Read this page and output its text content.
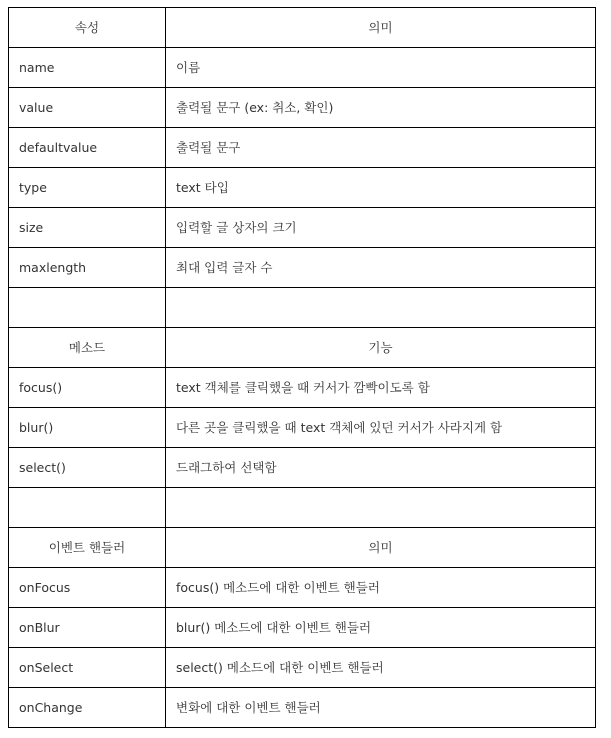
속성	의미
name	이름
value	출력될 문구 (ex: 취소, 확인)
defaultvalue	출력될 문구
type	text 타입
size	입력할 글 상자의 크기
maxlength	최대 입력 글자 수

메소드	기능
focus()	text 객체를 클릭했을 때 커서가 깜빡이도록 함
blur()	다른 곳을 클릭했을 때 text 객체에 있던 커서가 사라지게 함
select()	드래그하여 선택함

이벤트 핸들러	의미
onFocus	focus() 메소드에 대한 이벤트 핸들러
onBlur	blur() 메소드에 대한 이벤트 핸들러
onSelect	select() 메소드에 대한 이벤트 핸들러
onChange	변화에 대한 이벤트 핸들러
